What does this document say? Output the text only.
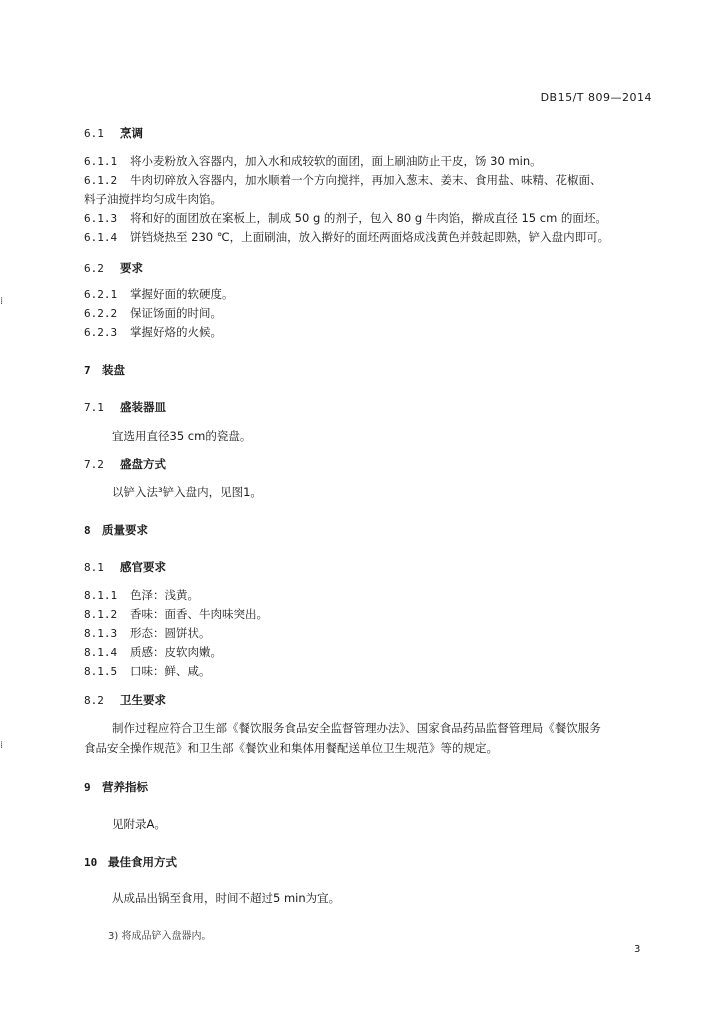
DB15/T 809—2014
⁞
⁞
6.1 烹调
6.1.1 将小麦粉放入容器内，加入水和成较软的面团，面上刷油防止干皮，饧 30 min。
6.1.2 牛肉切碎放入容器内，加水顺着一个方向搅拌，再加入葱末、姜末、食用盐、味精、花椒面、
料子油搅拌均匀成牛肉馅。
6.1.3 将和好的面团放在案板上，制成 50 g 的剂子，包入 80 g 牛肉馅，擀成直径 15 cm 的面坯。
6.1.4 饼铛烧热至 230 ℃，上面刷油，放入擀好的面坯两面烙成浅黄色并鼓起即熟，铲入盘内即可。
6.2 要求
6.2.1 掌握好面的软硬度。
6.2.2 保证饧面的时间。
6.2.3 掌握好烙的火候。
7 装盘
7.1 盛装器皿
宜选用直径35 cm的瓷盘。
7.2 盛盘方式
以铲入法³铲入盘内，见图1。
8 质量要求
8.1 感官要求
8.1.1 色泽：浅黄。
8.1.2 香味：面香、牛肉味突出。
8.1.3 形态：圆饼状。
8.1.4 质感：皮软肉嫩。
8.1.5 口味：鲜、咸。
8.2 卫生要求
制作过程应符合卫生部《餐饮服务食品安全监督管理办法》、国家食品药品监督管理局《餐饮服务
食品安全操作规范》和卫生部《餐饮业和集体用餐配送单位卫生规范》等的规定。
9 营养指标
见附录A。
10 最佳食用方式
从成品出锅至食用，时间不超过5 min为宜。
3) 将成品铲入盘器内。
3
